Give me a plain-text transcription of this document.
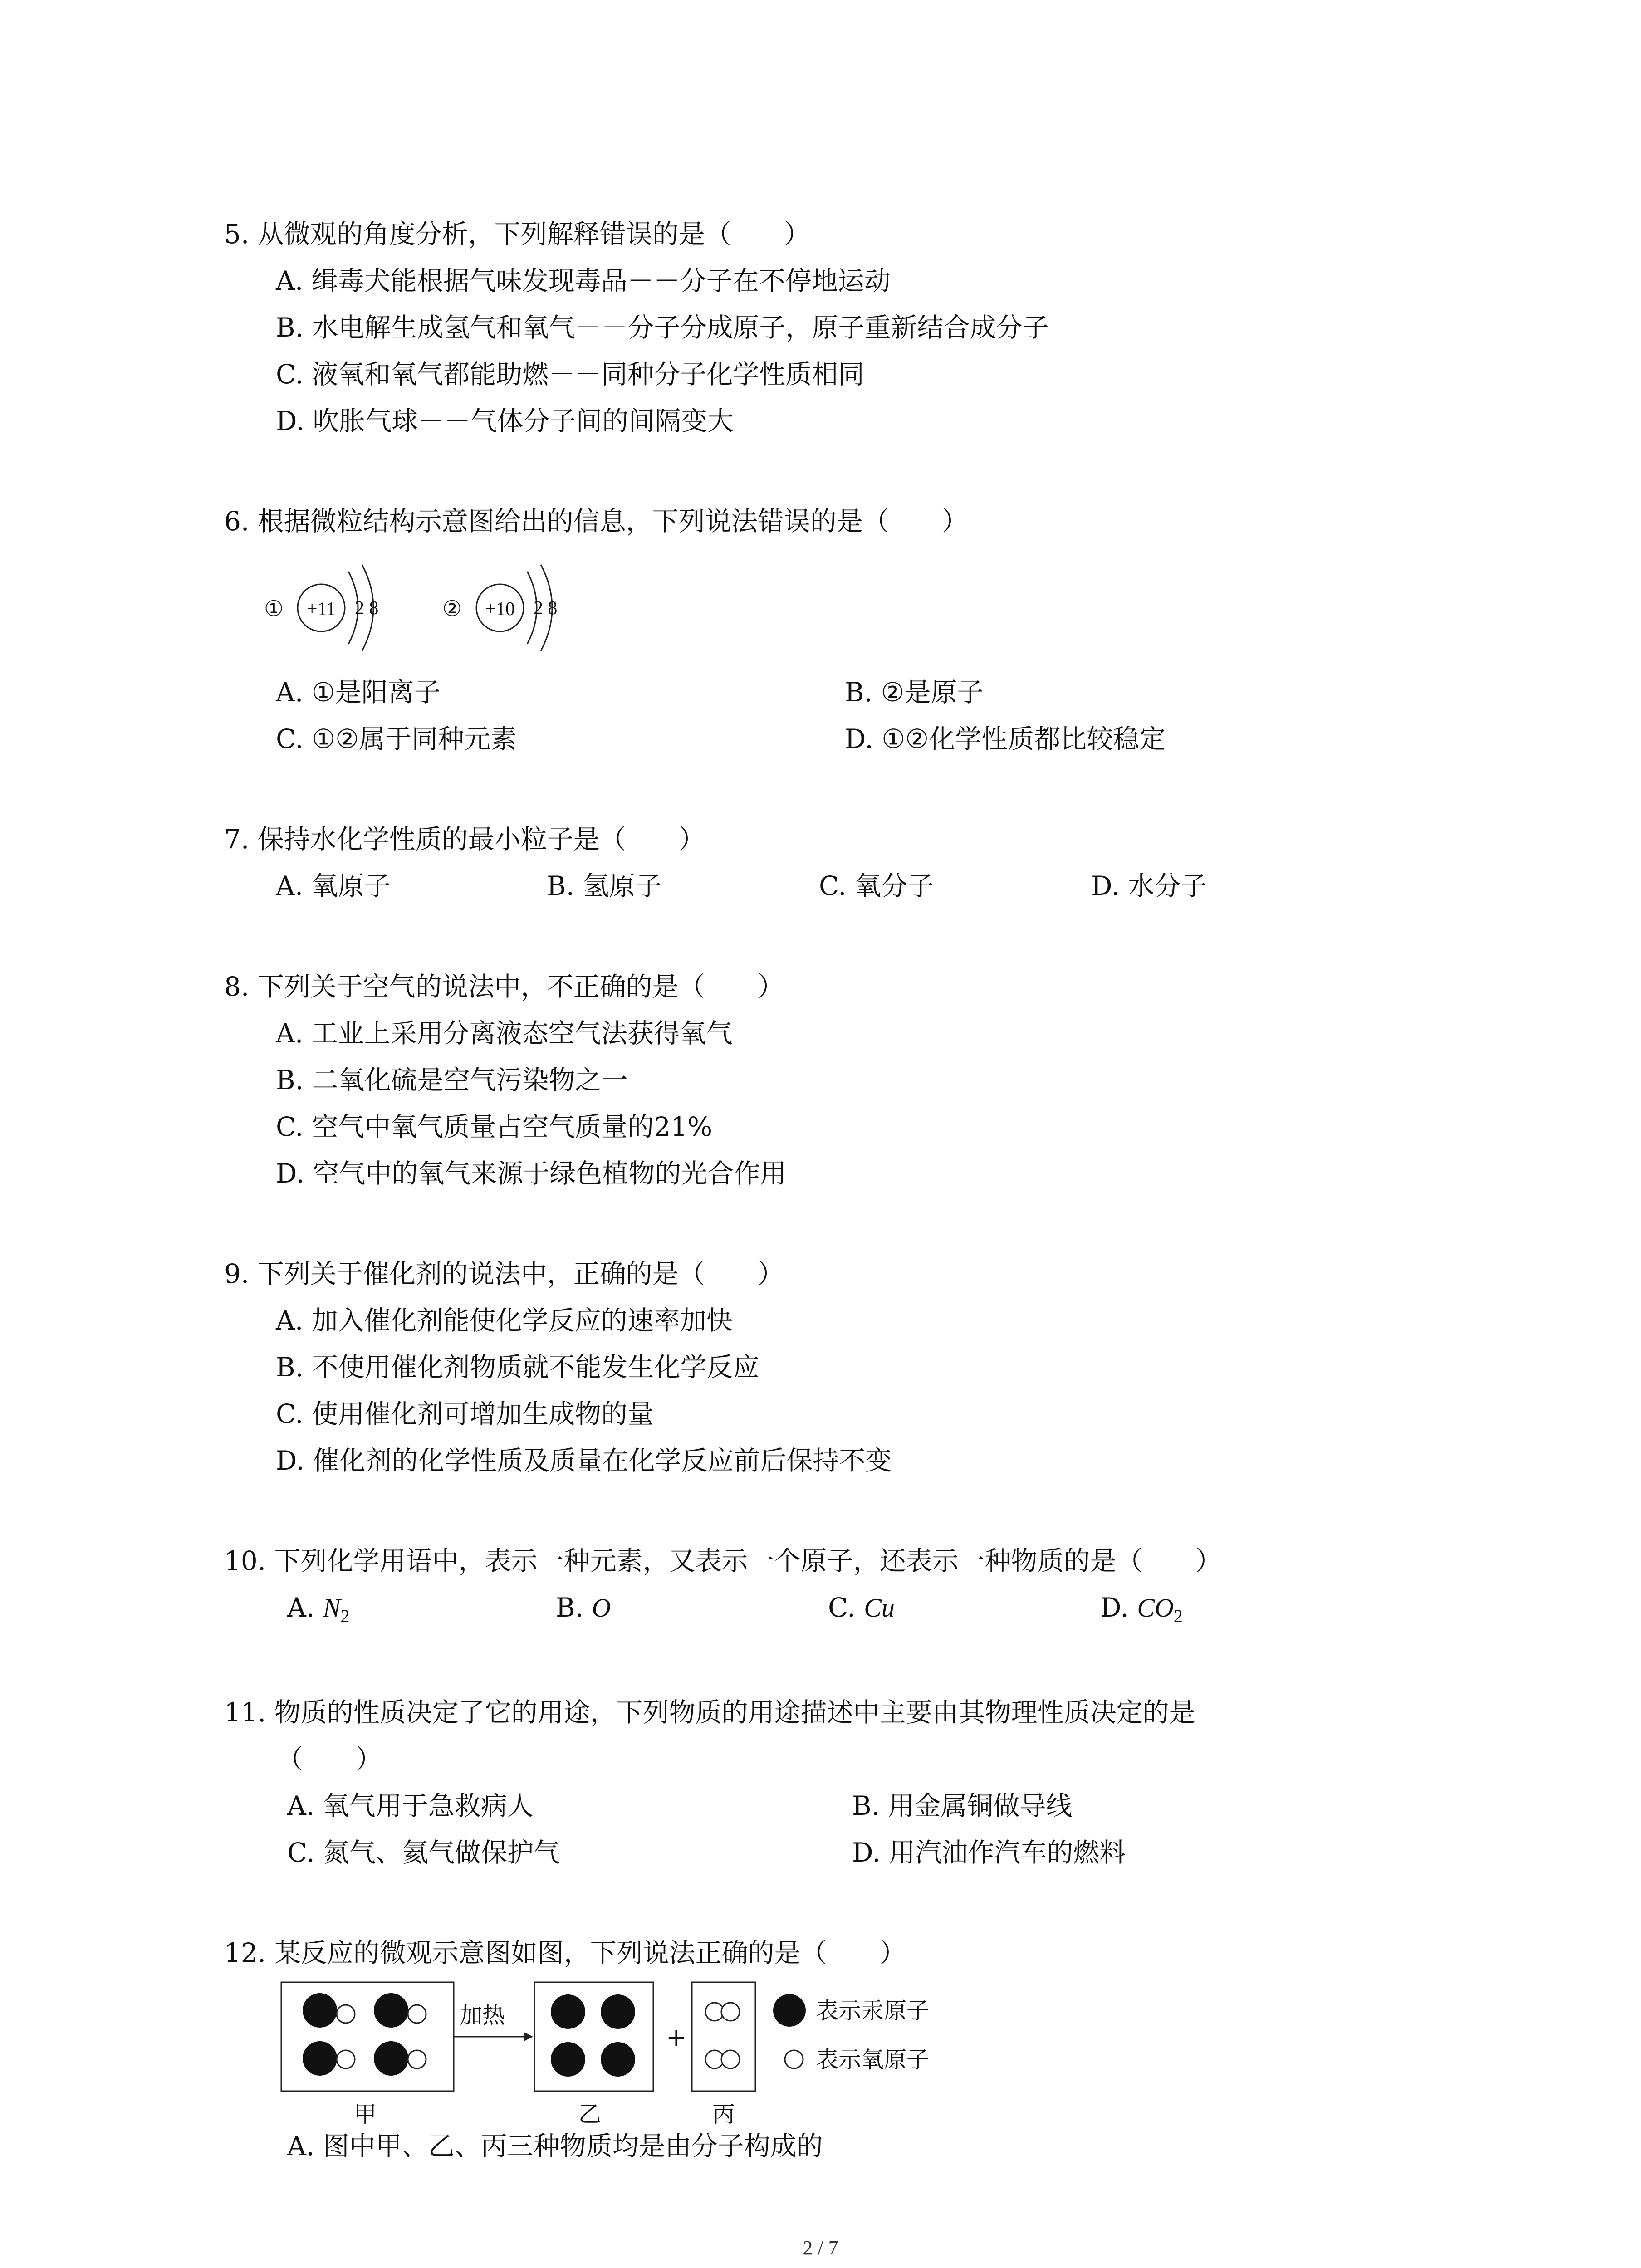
5. 从微观的角度分析，下列解释错误的是（　　）
A. 缉毒犬能根据气味发现毒品－－分子在不停地运动
B. 水电解生成氢气和氧气－－分子分成原子，原子重新结合成分子
C. 液氧和氧气都能助燃－－同种分子化学性质相同
D. 吹胀气球－－气体分子间的间隔变大
6. 根据微粒结构示意图给出的信息，下列说法错误的是（　　）
① +11 2 8	② +10 2 8
A. ①是阳离子	B. ②是原子
C. ①②属于同种元素	D. ①②化学性质都比较稳定
7. 保持水化学性质的最小粒子是（　　）
A. 氧原子	B. 氢原子	C. 氧分子	D. 水分子
8. 下列关于空气的说法中，不正确的是（　　）
A. 工业上采用分离液态空气法获得氧气
B. 二氧化硫是空气污染物之一
C. 空气中氧气质量占空气质量的21%
D. 空气中的氧气来源于绿色植物的光合作用
9. 下列关于催化剂的说法中，正确的是（　　）
A. 加入催化剂能使化学反应的速率加快
B. 不使用催化剂物质就不能发生化学反应
C. 使用催化剂可增加生成物的量
D. 催化剂的化学性质及质量在化学反应前后保持不变
10. 下列化学用语中，表示一种元素，又表示一个原子，还表示一种物质的是（　　）
A. $N_2$	B. O	C. Cu	D. $CO_2$
11. 物质的性质决定了它的用途，下列物质的用途描述中主要由其物理性质决定的是
（　　）
A. 氧气用于急救病人	B. 用金属铜做导线
C. 氮气、氦气做保护气	D. 用汽油作汽车的燃料
12. 某反应的微观示意图如图，下列说法正确的是（　　）
加热
+
表示汞原子
表示氧原子
甲	乙	丙
A. 图中甲、乙、丙三种物质均是由分子构成的
2 / 7
